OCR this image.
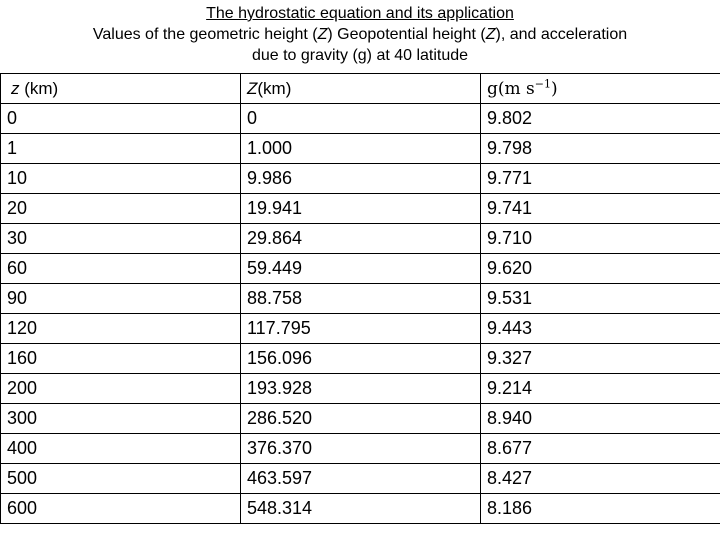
The hydrostatic equation and its application
Values of the geometric height (Z) Geopotential height (Z), and acceleration
due to gravity (g) at 40 latitude
z (km)	Z(km)	g(m $s^{-1}$)
0	0	9.802
1	1.000	9.798
10	9.986	9.771
20	19.941	9.741
30	29.864	9.710
60	59.449	9.620
90	88.758	9.531
120	117.795	9.443
160	156.096	9.327
200	193.928	9.214
300	286.520	8.940
400	376.370	8.677
500	463.597	8.427
600	548.314	8.186
